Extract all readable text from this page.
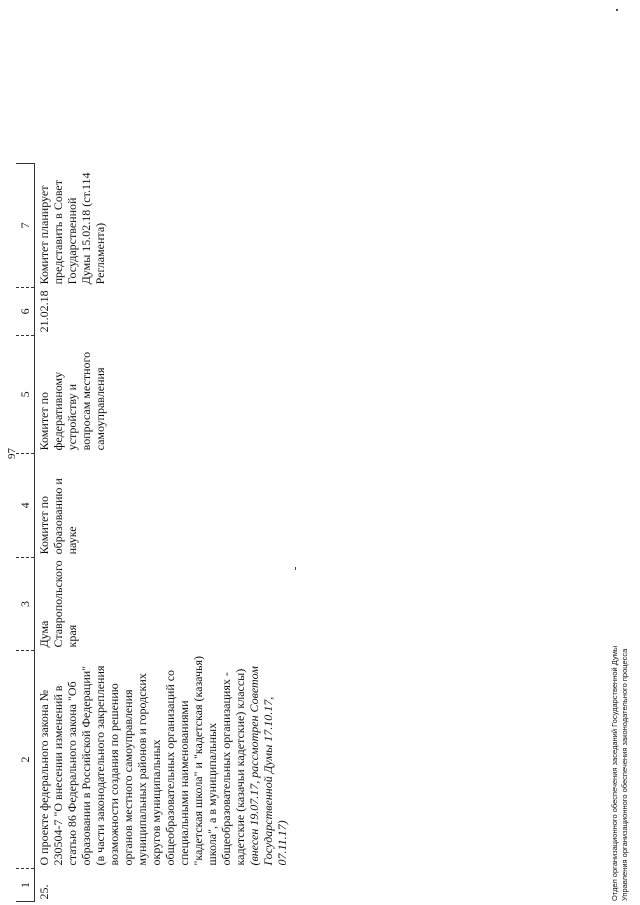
97
1	2	3	4	5	6	7
25.	О проекте федерального закона № 230504-7 "О внесении изменений в статью 86 Федерального закона "Об образовании в Российской Федерации" (в части законодательного закрепления возможности создания по решению органов местного самоуправления муниципальных районов и городских округов муниципальных общеобразовательных организаций со специальными наименованиями "кадетская школа" и "кадетская (казачья) школа", а в муниципальных общеобразовательных организациях - кадетские (казачьи кадетские) классы) (внесен 19.07.17, рассмотрен Советом Государственной Думы 17.10.17, 07.11.17)	Дума Ставропольского края	Комитет по образованию и науке	Комитет по федеративному устройству и вопросам местного самоуправления	21.02.18	Комитет планирует представить в Совет Государственной Думы 15.02.18 (ст.114 Регламента)
Отдел организационного обеспечения заседаний Государственной Думы Управления организационного обеспечения законодательного процесса
